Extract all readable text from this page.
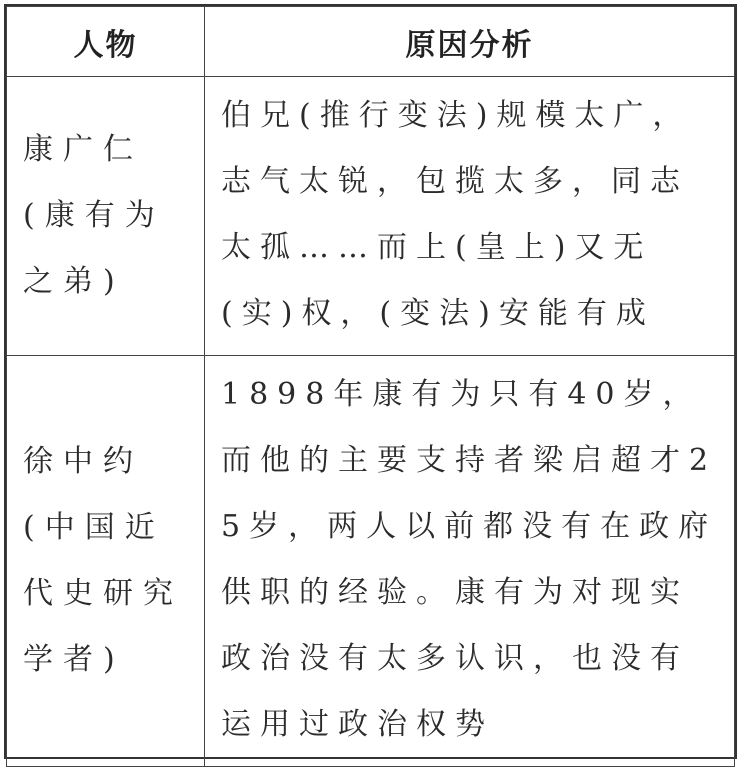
人物	原因分析
康广仁(康有为之弟)	伯兄(推行变法)规模太广，志气太锐，包揽太多，同志太孤……而上(皇上)又无(实)权，(变法)安能有成
徐中约(中国近代史研究学者)	1898年康有为只有40岁，而他的主要支持者梁启超才25岁，两人以前都没有在政府供职的经验。康有为对现实政治没有太多认识，也没有运用过政治权势
